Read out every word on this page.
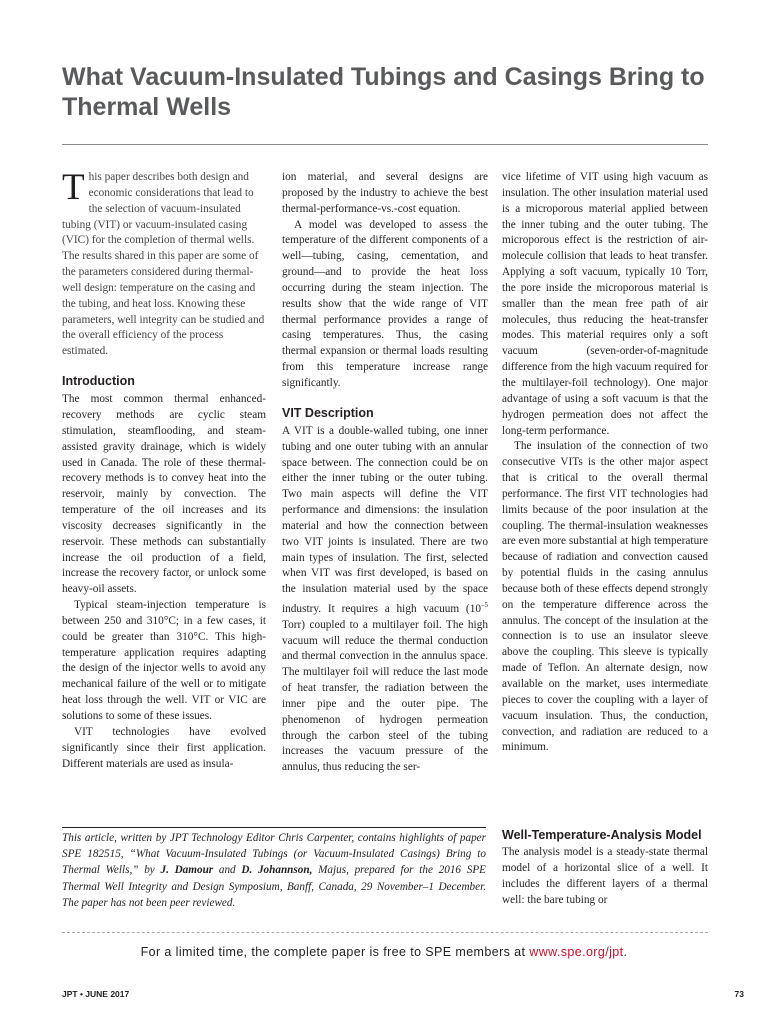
What Vacuum-Insulated Tubings and Casings Bring to Thermal Wells

This paper describes both design and economic considerations that lead to the selection of vacuum-insulated tubing (VIT) or vacuum-insulated casing (VIC) for the completion of thermal wells. The results shared in this paper are some of the parameters considered during thermal-well design: temperature on the casing and the tubing, and heat loss. Knowing these parameters, well integrity can be studied and the overall efficiency of the process estimated.

Introduction

The most common thermal enhanced-recovery methods are cyclic steam stimulation, steamflooding, and steam-assisted gravity drainage, which is widely used in Canada. The role of these thermal-recovery methods is to convey heat into the reservoir, mainly by convection. The temperature of the oil increases and its viscosity decreases significantly in the reservoir. These methods can substantially increase the oil production of a field, increase the recovery factor, or unlock some heavy-oil assets.

Typical steam-injection temperature is between 250 and 310°C; in a few cases, it could be greater than 310°C. This high-temperature application requires adapting the design of the injector wells to avoid any mechanical failure of the well or to mitigate heat loss through the well. VIT or VIC are solutions to some of these issues.

VIT technologies have evolved significantly since their first application. Different materials are used as insula-

ion material, and several designs are proposed by the industry to achieve the best thermal-performance-vs.-cost equation.

A model was developed to assess the temperature of the different components of a well—tubing, casing, cementation, and ground—and to provide the heat loss occurring during the steam injection. The results show that the wide range of VIT thermal performance provides a range of casing temperatures. Thus, the casing thermal expansion or thermal loads resulting from this temperature increase range significantly.

VIT Description

A VIT is a double-walled tubing, one inner tubing and one outer tubing with an annular space between. The connection could be on either the inner tubing or the outer tubing. Two main aspects will define the VIT performance and dimensions: the insulation material and how the connection between two VIT joints is insulated. There are two main types of insulation. The first, selected when VIT was first developed, is based on the insulation material used by the space industry. It requires a high vacuum ($10^{-5}$ Torr) coupled to a multilayer foil. The high vacuum will reduce the thermal conduction and thermal convection in the annulus space. The multilayer foil will reduce the last mode of heat transfer, the radiation between the inner pipe and the outer pipe. The phenomenon of hydrogen permeation through the carbon steel of the tubing increases the vacuum pressure of the annulus, thus reducing the ser-

vice lifetime of VIT using high vacuum as insulation. The other insulation material used is a microporous material applied between the inner tubing and the outer tubing. The microporous effect is the restriction of air-molecule collision that leads to heat transfer. Applying a soft vacuum, typically 10 Torr, the pore inside the microporous material is smaller than the mean free path of air molecules, thus reducing the heat-transfer modes. This material requires only a soft vacuum (seven-order-of-magnitude difference from the high vacuum required for the multilayer-foil technology). One major advantage of using a soft vacuum is that the hydrogen permeation does not affect the long-term performance.

The insulation of the connection of two consecutive VITs is the other major aspect that is critical to the overall thermal performance. The first VIT technologies had limits because of the poor insulation at the coupling. The thermal-insulation weaknesses are even more substantial at high temperature because of radiation and convection caused by potential fluids in the casing annulus because both of these effects depend strongly on the temperature difference across the annulus. The concept of the insulation at the connection is to use an insulator sleeve above the coupling. This sleeve is typically made of Teflon. An alternate design, now available on the market, uses intermediate pieces to cover the coupling with a layer of vacuum insulation. Thus, the conduction, convection, and radiation are reduced to a minimum.

This article, written by JPT Technology Editor Chris Carpenter, contains highlights of paper SPE 182515, “What Vacuum-Insulated Tubings (or Vacuum-Insulated Casings) Bring to Thermal Wells,” by J. Damour and D. Johannson, Majus, prepared for the 2016 SPE Thermal Well Integrity and Design Symposium, Banff, Canada, 29 November–1 December. The paper has not been peer reviewed.

Well-Temperature-Analysis Model

The analysis model is a steady-state thermal model of a horizontal slice of a well. It includes the different layers of a thermal well: the bare tubing or

For a limited time, the complete paper is free to SPE members at www.spe.org/jpt.
JPT • JUNE 2017	73
